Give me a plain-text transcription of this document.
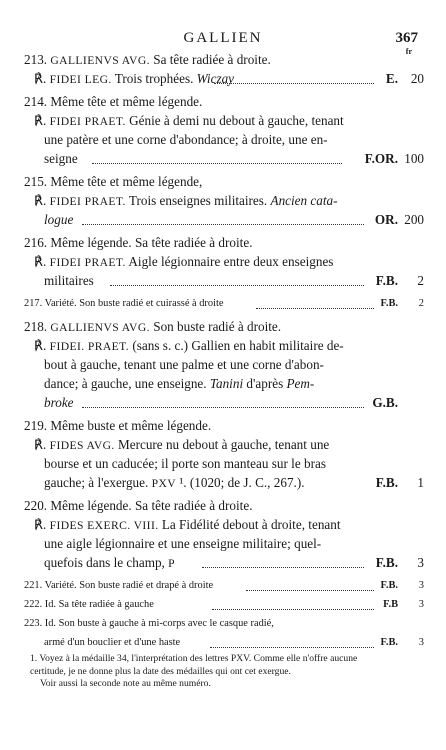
GALLIEN	367
fr
213. GALLIENVS AVG. Sa tête radiée à droite.
℟. FIDEI LEG. Trois trophées. Wiczay	E. 20
214. Même tête et même légende.
℟. FIDEI PRAET. Génie à demi nu debout à gauche, tenant
une patère et une corne d'abondance; à droite, une en-
seigne	F.OR. 100
215. Même tête et même légende,
℟. FIDEI PRAET. Trois enseignes militaires. Ancien cata-
logue	OR. 200
216. Même légende. Sa tête radiée à droite.
℟. FIDEI PRAET. Aigle légionnaire entre deux enseignes
militaires	F.B. 2
217. Variété. Son buste radié et cuirassé à droite	F.B. 2
218. GALLIENVS AVG. Son buste radié à droite.
℟. FIDEI. PRAET. (sans s. c.) Gallien en habit militaire de-
bout à gauche, tenant une palme et une corne d'abon-
dance; à gauche, une enseigne. Tanini d'après Pem-
broke	G.B.
219. Même buste et même légende.
℟. FIDES AVG. Mercure nu debout à gauche, tenant une
bourse et un caducée; il porte son manteau sur le bras
gauche; à l'exergue. PXV ¹. (1020; de J. C., 267.).	F.B. 1
220. Même légende. Sa tête radiée à droite.
℟. FIDES EXERC. VIII. La Fidélité debout à droite, tenant
une aigle légionnaire et une enseigne militaire; quel-
quefois dans le champ, P	F.B. 3
221. Variété. Son buste radié et drapé à droite	F.B. 3
222. Id. Sa tête radiée à gauche	F.B 3
223. Id. Son buste à gauche à mi-corps avec le casque radié,
armé d'un bouclier et d'une haste	F.B. 3

1. Voyez à la médaille 34, l'interprétation des lettres PXV. Comme elle n'offre aucune

certitude, je ne donne plus la date des médailles qui ont cet exergue.

Voir aussi la seconde note au même numéro.
